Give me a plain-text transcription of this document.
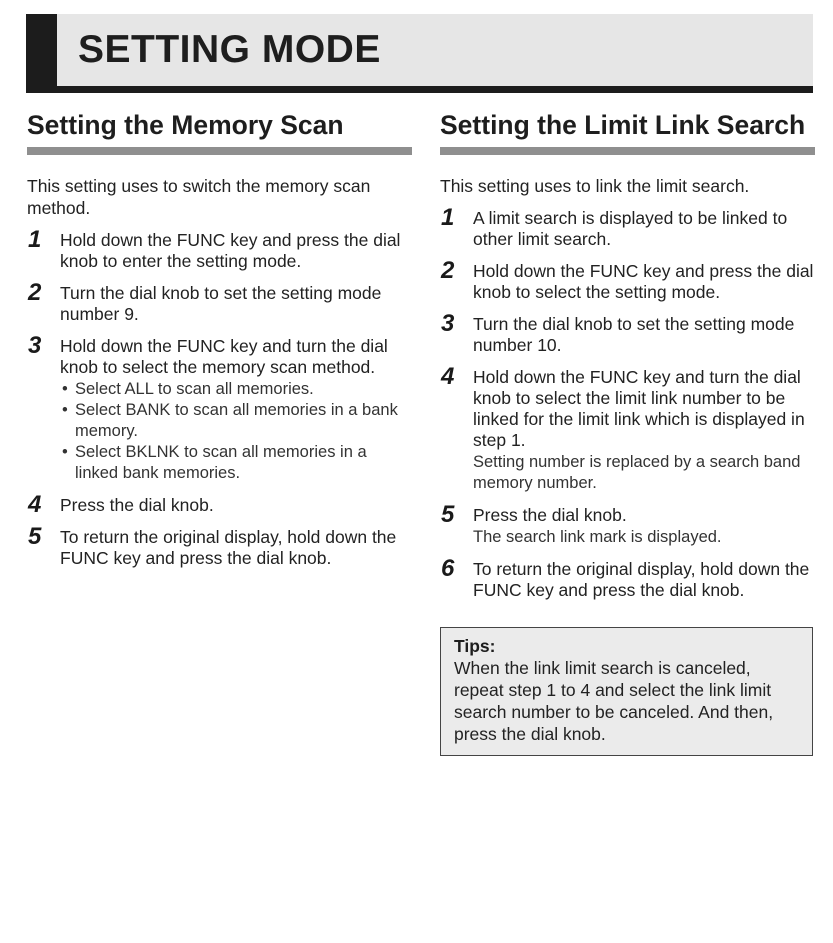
SETTING MODE
Setting the Memory Scan

This setting uses to switch the memory scan method.

1 Hold down the FUNC key and press the dial knob to enter the setting mode.
2 Turn the dial knob to set the setting mode number 9.
3 Hold down the FUNC key and turn the dial knob to select the memory scan method.
• Select ALL to scan all memories.
• Select BANK to scan all memories in a bank memory.
• Select BKLNK to scan all memories in a linked bank memories.
4 Press the dial knob.
5 To return the original display, hold down the FUNC key and press the dial knob.
Setting the Limit Link Search

This setting uses to link the limit search.

1 A limit search is displayed to be linked to other limit search.
2 Hold down the FUNC key and press the dial knob to select the setting mode.
3 Turn the dial knob to set the setting mode number 10.
4 Hold down the FUNC key and turn the dial knob to select the limit link number to be linked for the limit link which is displayed in step 1.
Setting number is replaced by a search band memory number.
5 Press the dial knob.
The search link mark is displayed.
6 To return the original display, hold down the FUNC key and press the dial knob.
Tips:
When the link limit search is canceled, repeat step 1 to 4 and select the link limit search number to be canceled. And then, press the dial knob.
